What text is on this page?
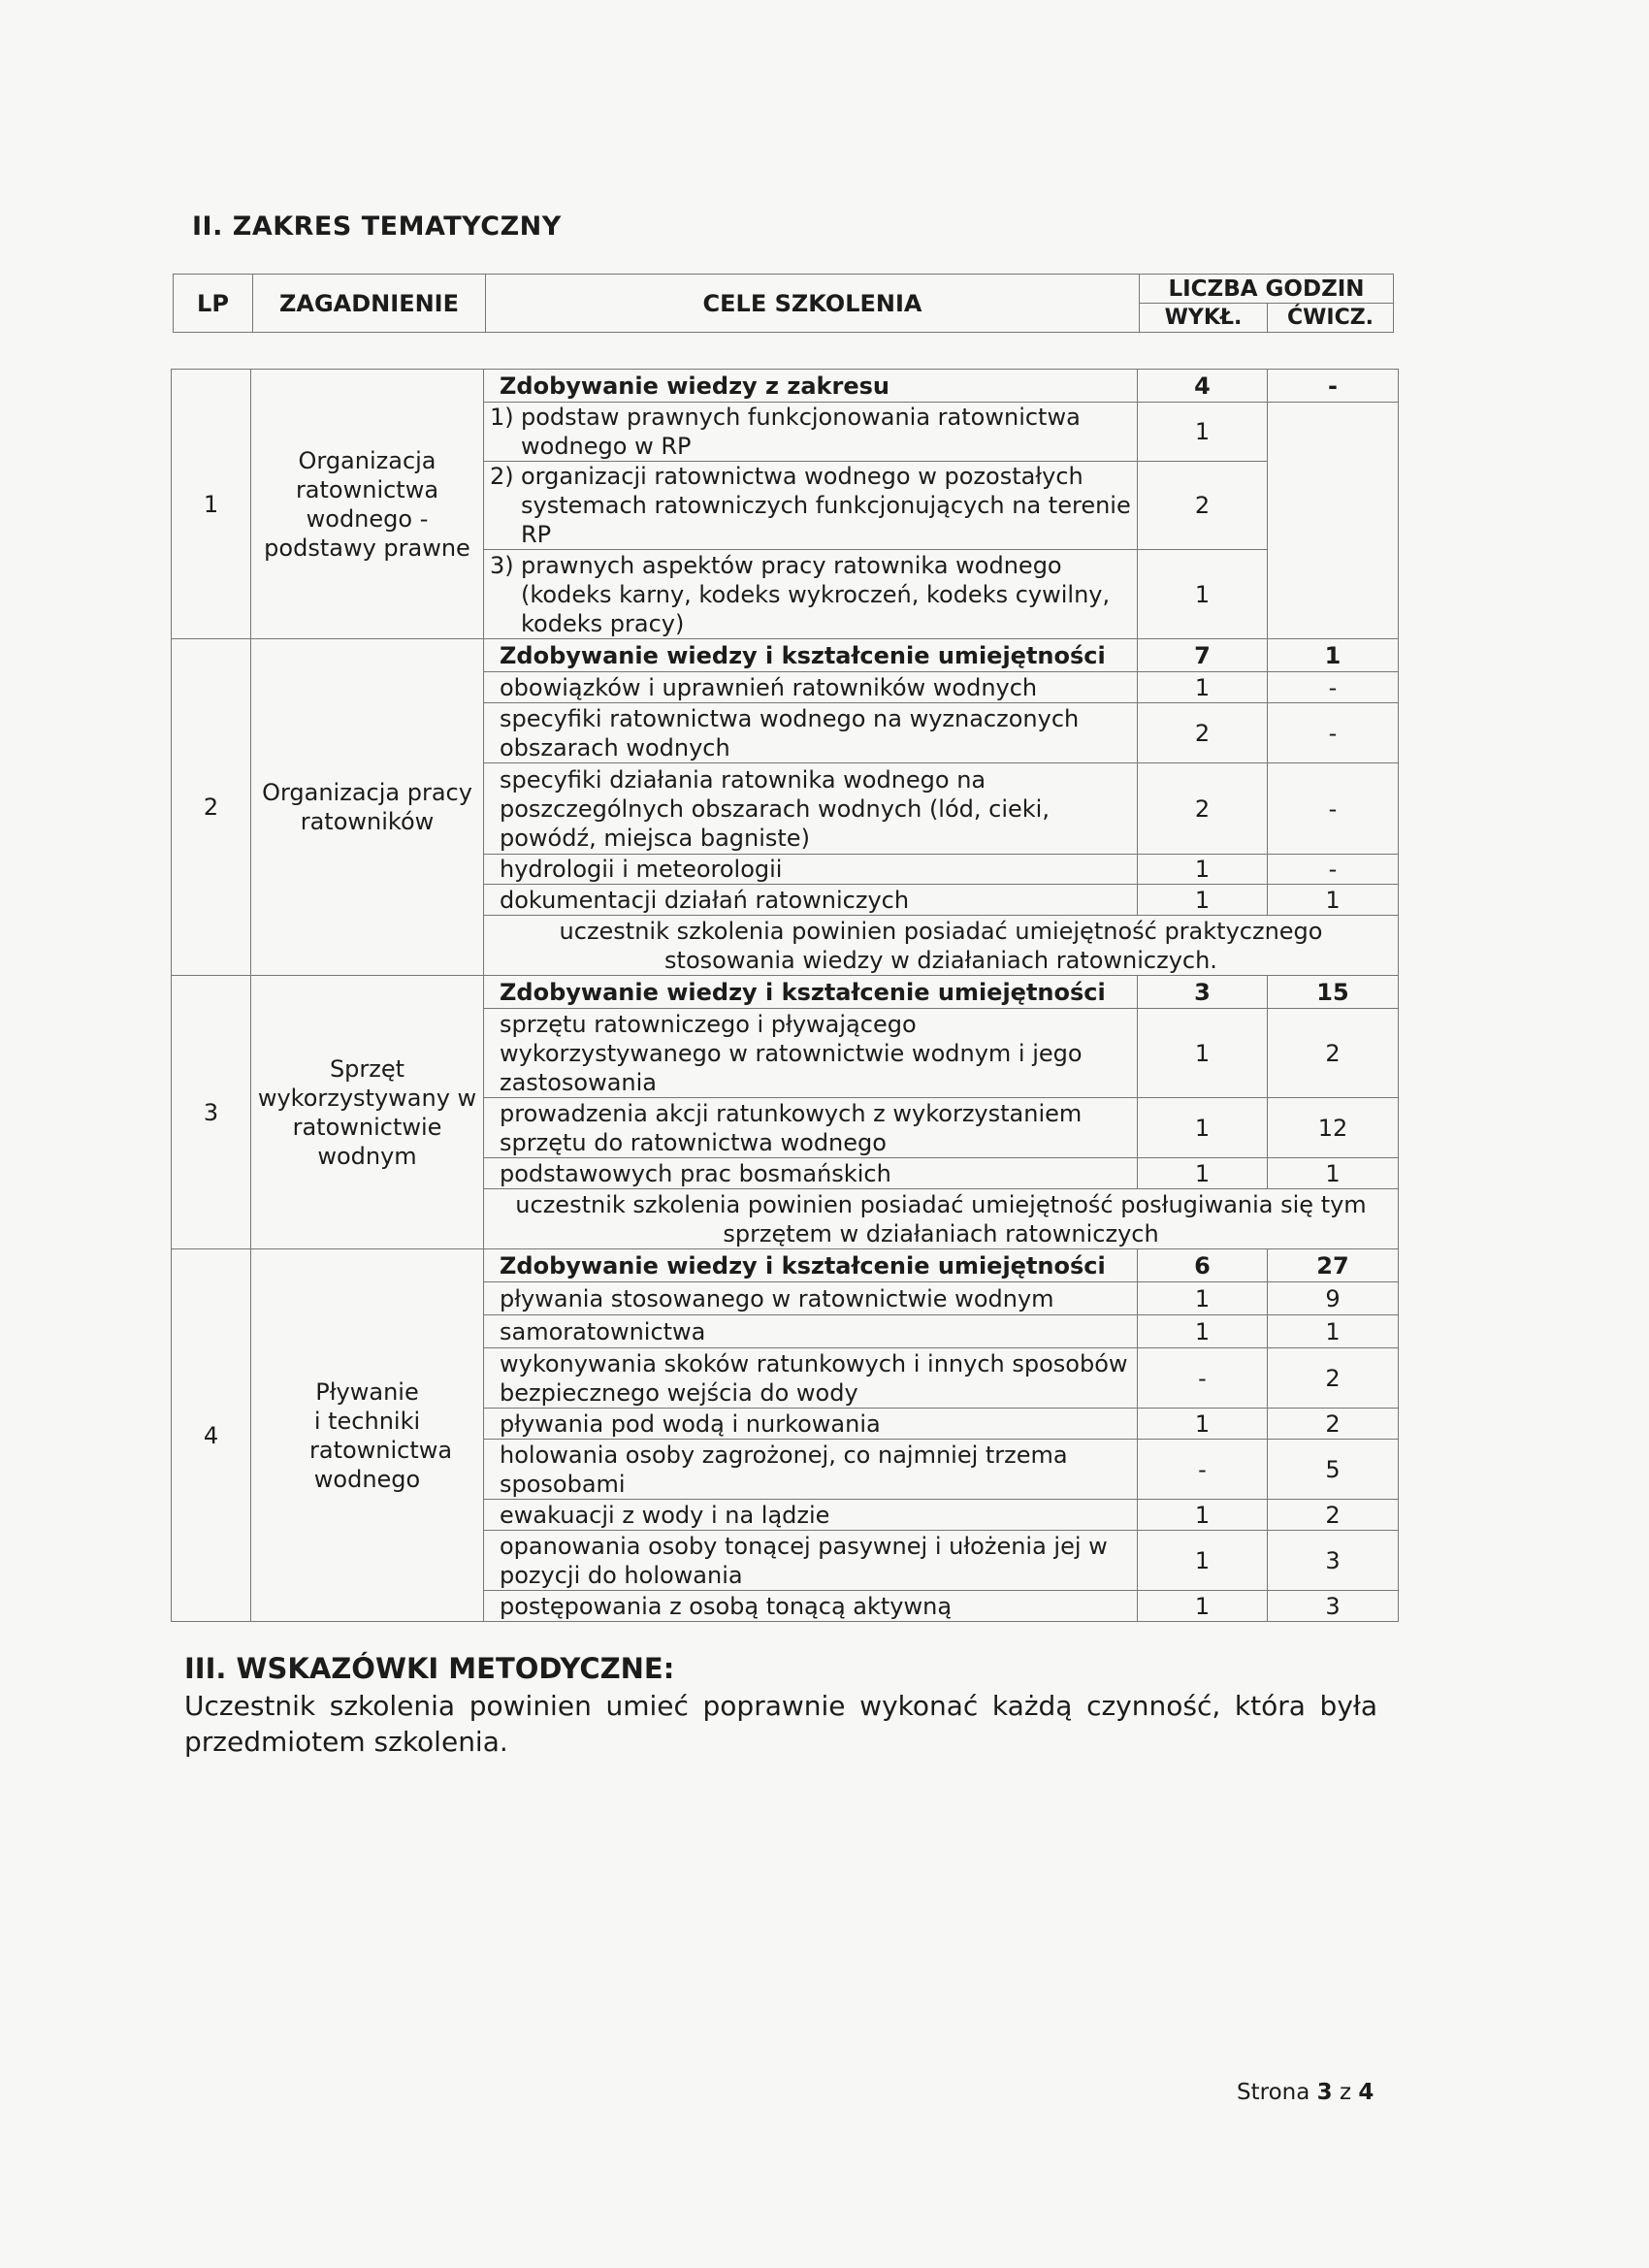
II. ZAKRES TEMATYCZNY
LP	ZAGADNIENIE	CELE SZKOLENIA	LICZBA GODZIN	
			WYKŁ.	ĆWICZ.
1	Organizacja ratownictwa wodnego - podstawy prawne	Zdobywanie wiedzy z zakresu	4	-

		1) podstaw prawnych funkcjonowania ratownictwa wodnego w RP	1	

		2) organizacji ratownictwa wodnego w pozostałych systemach ratowniczych funkcjonujących na terenie RP	2	

		3) prawnych aspektów pracy ratownika wodnego (kodeks karny, kodeks wykroczeń, kodeks cywilny, kodeks pracy)	1	
2	Organizacja pracy ratowników	Zdobywanie wiedzy i kształcenie umiejętności	7	1
		obowiązków i uprawnień ratowników wodnych	1	-
		specyfiki ratownictwa wodnego na wyznaczonych obszarach wodnych	2	-
		specyfiki działania ratownika wodnego na poszczególnych obszarach wodnych (lód, cieki, powódź, miejsca bagniste)	2	-
		hydrologii i meteorologii	1	-
		dokumentacji działań ratowniczych	1	1
		uczestnik szkolenia powinien posiadać umiejętność praktycznego stosowania wiedzy w działaniach ratowniczych.		
3	Sprzęt wykorzystywany w ratownictwie wodnym	Zdobywanie wiedzy i kształcenie umiejętności	3	15
		sprzętu ratowniczego i pływającego wykorzystywanego w ratownictwie wodnym i jego zastosowania	1	2
		prowadzenia akcji ratunkowych z wykorzystaniem sprzętu do ratownictwa wodnego	1	12
		podstawowych prac bosmańskich	1	1
		uczestnik szkolenia powinien posiadać umiejętność posługiwania się tym sprzętem w działaniach ratowniczych		
4	Pływanie i techniki ratownictwa wodnego	Zdobywanie wiedzy i kształcenie umiejętności	6	27
		pływania stosowanego w ratownictwie wodnym	1	9
		samoratownictwa	1	1
		wykonywania skoków ratunkowych i innych sposobów bezpiecznego wejścia do wody	-	2
		pływania pod wodą i nurkowania	1	2
		holowania osoby zagrożonej, co najmniej trzema sposobami	-	5
		ewakuacji z wody i na lądzie	1	2
		opanowania osoby tonącej pasywnej i ułożenia jej w pozycji do holowania	1	3
		postępowania z osobą tonącą aktywną	1	3
III. WSKAZÓWKI METODYCZNE:
Uczestnik szkolenia powinien umieć poprawnie wykonać każdą czynność, która była przedmiotem szkolenia.
Strona 3 z 4
